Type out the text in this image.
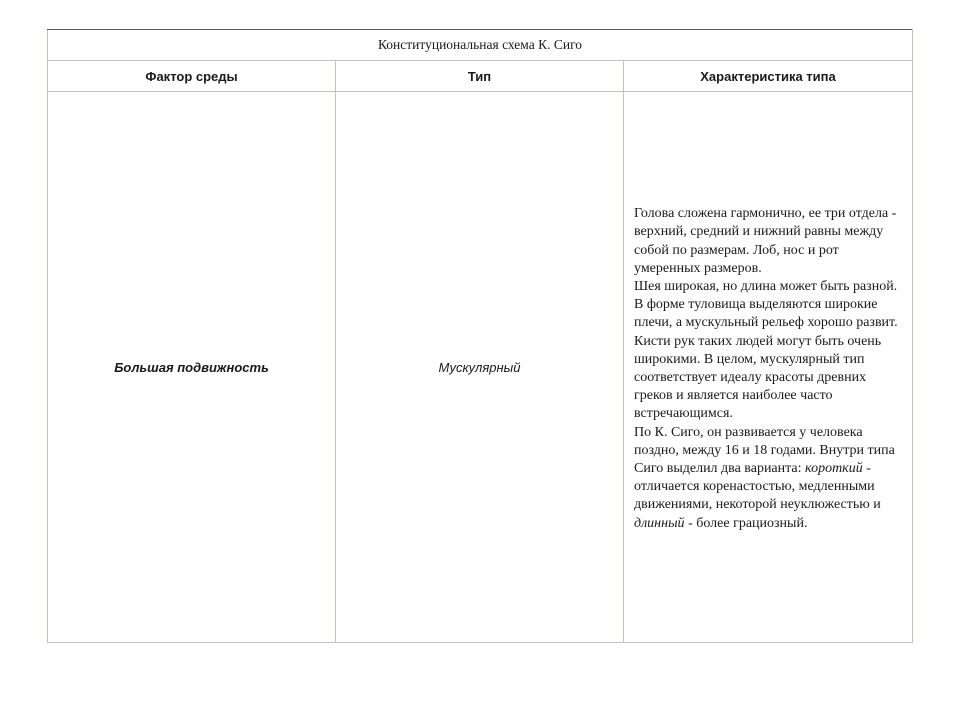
Конституциональная схема К. Сиго		
Фактор среды	Тип	Характеристика типа
Большая подвижность	Мускулярный	Голова сложена гармонично, ее три отдела - верхний, средний и нижний равны между собой по размерам. Лоб, нос и рот умеренных размеров.

Шея широкая, но длина может быть разной. В форме туловища выделяются широкие плечи, а мускульный рельеф хорошо развит. Кисти рук таких людей могут быть очень широкими. В целом, мускулярный тип соответствует идеалу красоты древних греков и является наиболее часто встречающимся.

По К. Сиго, он развивается у человека поздно, между 16 и 18 годами. Внутри типа Сиго выделил два варианта: короткий - отличается коренастостью, медленными движениями, некоторой неуклюжестью и длинный - более грациозный.
